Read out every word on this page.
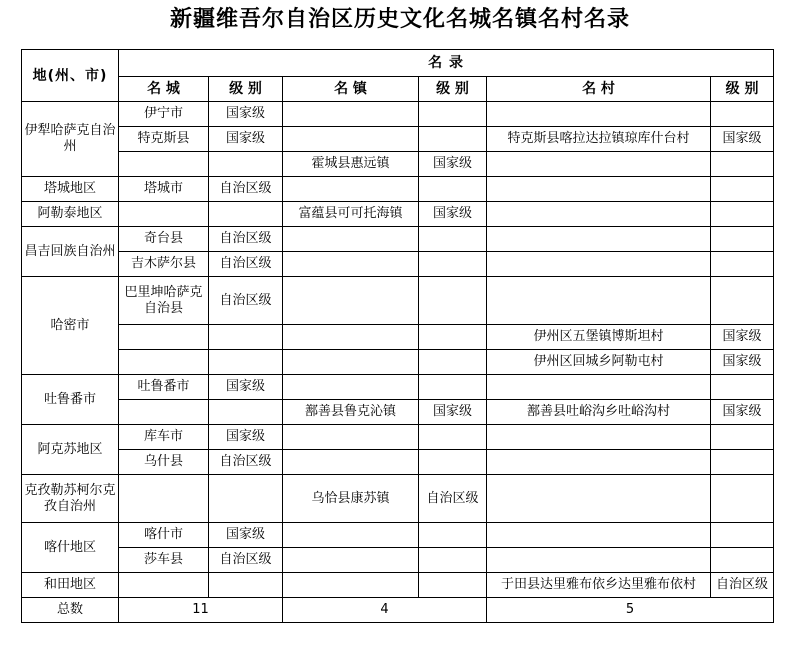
新疆维吾尔自治区历史文化名城名镇名村名录
地(州、市)	名 录					
	名 城	级 别	名 镇	级 别	名 村	级 别
伊犁哈萨克自治州	伊宁市	国家级				
	特克斯县	国家级			特克斯县喀拉达拉镇琼库什台村	国家级
			霍城县惠远镇	国家级		
塔城地区	塔城市	自治区级				
阿勒泰地区			富蕴县可可托海镇	国家级		
昌吉回族自治州	奇台县	自治区级				
	吉木萨尔县	自治区级				
哈密市	巴里坤哈萨克自治县	自治区级				
					伊州区五堡镇博斯坦村	国家级
					伊州区回城乡阿勒屯村	国家级
吐鲁番市	吐鲁番市	国家级				
			鄯善县鲁克沁镇	国家级	鄯善县吐峪沟乡吐峪沟村	国家级
阿克苏地区	库车市	国家级				
	乌什县	自治区级				
克孜勒苏柯尔克孜自治州			乌恰县康苏镇	自治区级		
喀什地区	喀什市	国家级				
	莎车县	自治区级				
和田地区					于田县达里雅布依乡达里雅布依村	自治区级
总数	11		4		5	
